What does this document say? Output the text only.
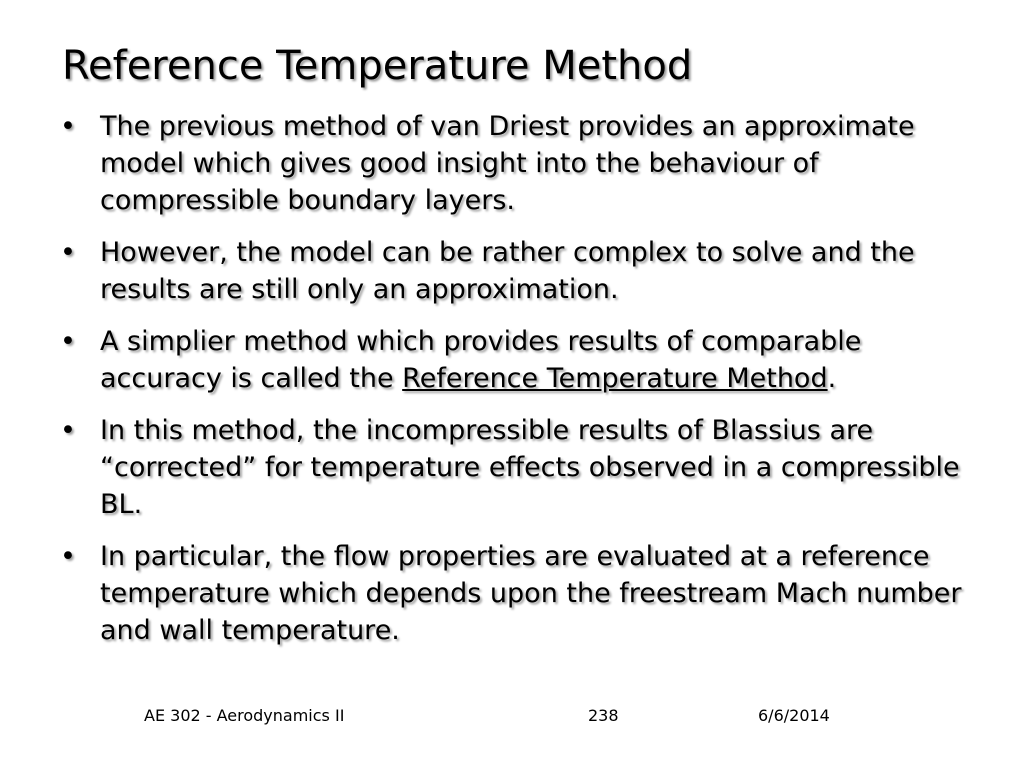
Reference Temperature Method
• The previous method of van Driest provides an approximate model which gives good insight into the behaviour of compressible boundary layers.
• However, the model can be rather complex to solve and the results are still only an approximation.
• A simplier method which provides results of comparable accuracy is called the Reference Temperature Method.
• In this method, the incompressible results of Blassius are “corrected” for temperature effects observed in a compressible BL.
• In particular, the flow properties are evaluated at a reference temperature which depends upon the freestream Mach number and wall temperature.
AE 302 - Aerodynamics II	238	6/6/2014
